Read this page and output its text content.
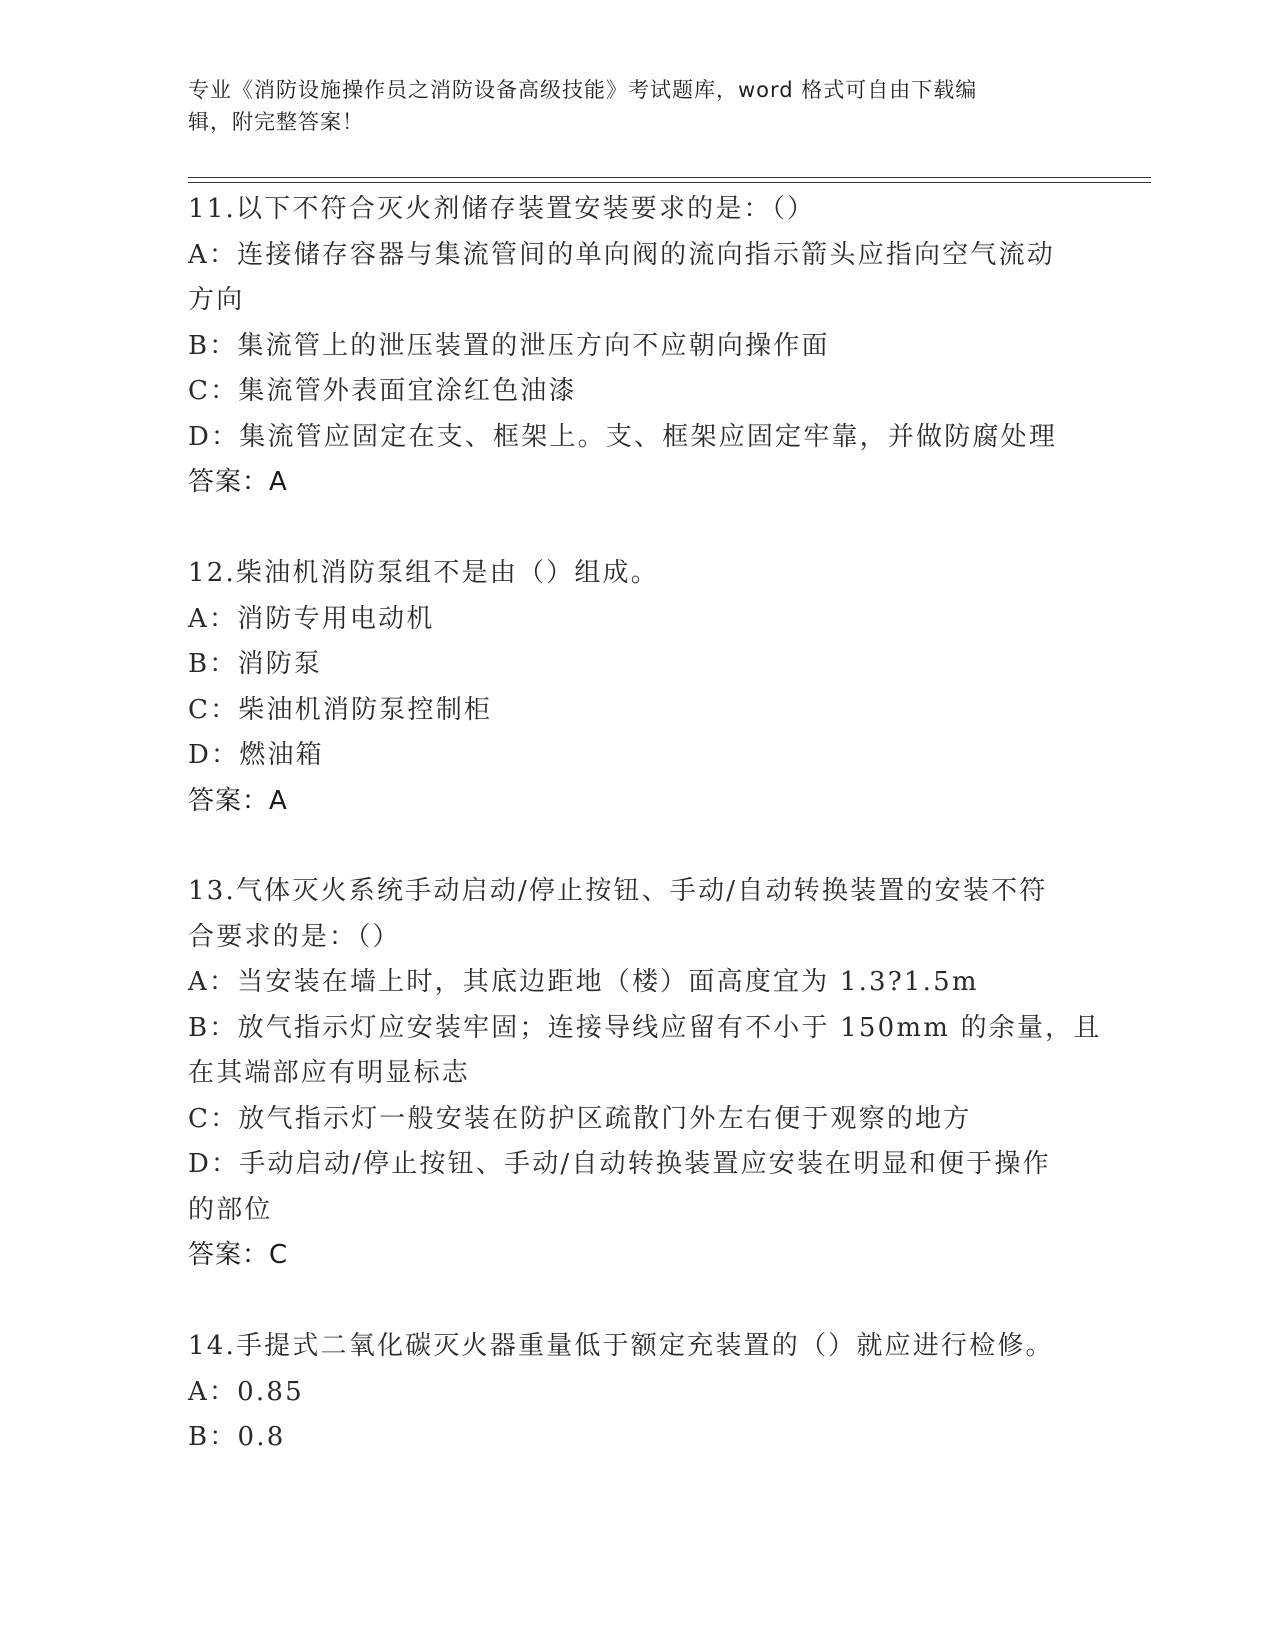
专业《消防设施操作员之消防设备高级技能》考试题库，word 格式可自由下载编
辑，附完整答案！
11.以下不符合灭火剂储存装置安装要求的是：（）
A：连接储存容器与集流管间的单向阀的流向指示箭头应指向空气流动
方向
B：集流管上的泄压装置的泄压方向不应朝向操作面
C：集流管外表面宜涂红色油漆
D：集流管应固定在支、框架上。支、框架应固定牢靠，并做防腐处理
答案：A
12.柴油机消防泵组不是由（）组成。
A：消防专用电动机
B：消防泵
C：柴油机消防泵控制柜
D：燃油箱
答案：A
13.气体灭火系统手动启动/停止按钮、手动/自动转换装置的安装不符
合要求的是：（）
A：当安装在墙上时，其底边距地（楼）面高度宜为 1.3?1.5m
B：放气指示灯应安装牢固；连接导线应留有不小于 150mm 的余量，且
在其端部应有明显标志
C：放气指示灯一般安装在防护区疏散门外左右便于观察的地方
D：手动启动/停止按钮、手动/自动转换装置应安装在明显和便于操作
的部位
答案：C
14.手提式二氧化碳灭火器重量低于额定充装置的（）就应进行检修。
A：0.85
B：0.8
